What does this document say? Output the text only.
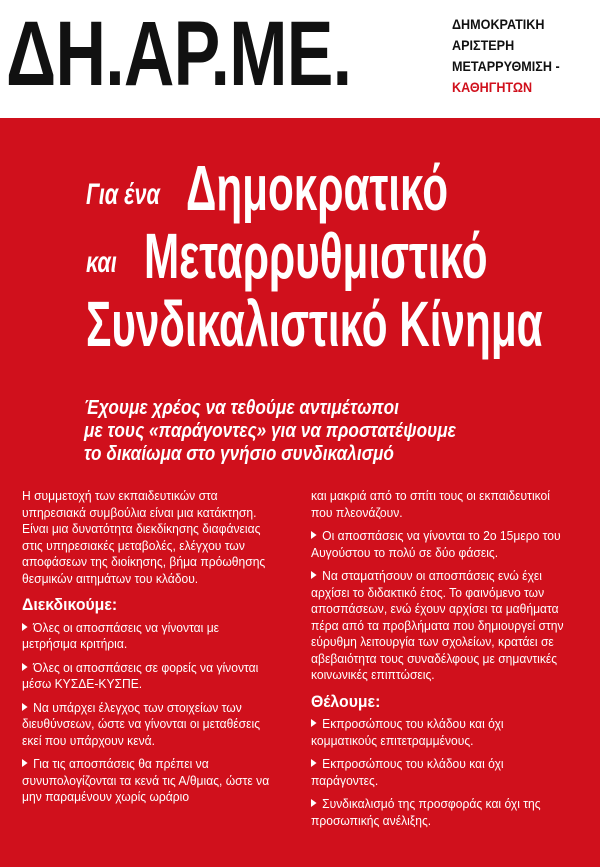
ΔΗ.ΑΡ.ΜΕ.	ΔΗΜΟΚΡΑΤΙΚΗ
ΑΡΙΣΤΕΡΗ
ΜΕΤΑΡΡΥΘΜΙΣΗ -
ΚΑΘΗΓΗΤΩΝ
Για ένα Δημοκρατικό
και Μεταρρυθμιστικό
Συνδικαλιστικό Κίνημα
Έχουμε χρέος να τεθούμε αντιμέτωποι
με τους «παράγοντες» για να προστατέψουμε
το δικαίωμα στο γνήσιο συνδικαλισμό

Η συμμετοχή των εκπαιδευτικών στα υπηρεσιακά συμβούλια είναι μια κατάκτηση. Είναι μια δυνατότητα διεκδίκησης διαφάνειας στις υπηρεσιακές μεταβολές, ελέγχου των αποφάσεων της διοίκησης, βήμα πρόωθησης θεσμικών αιτημάτων του κλάδου.

Διεκδικούμε:

Όλες οι αποσπάσεις να γίνονται με μετρήσιμα κριτήρια.

Όλες οι αποσπάσεις σε φορείς να γίνονται μέσω ΚΥΣΔΕ-ΚΥΣΠΕ.

Να υπάρχει έλεγχος των στοιχείων των διευθύνσεων, ώστε να γίνονται οι μεταθέσεις εκεί που υπάρχουν κενά.

Για τις αποσπάσεις θα πρέπει να συνυπολογίζονται τα κενά τις Α/θμιας, ώστε να μην παραμένουν χωρίς ωράριο

και μακριά από το σπίτι τους οι εκπαιδευτικοί που πλεονάζουν.

Οι αποσπάσεις να γίνονται το 2ο 15μερο του Αυγούστου το πολύ σε δύο φάσεις.

Να σταματήσουν οι αποσπάσεις ενώ έχει αρχίσει το διδακτικό έτος. Το φαινόμενο των αποσπάσεων, ενώ έχουν αρχίσει τα μαθήματα πέρα από τα προβλήματα που δημιουργεί στην εύρυθμη λειτουργία των σχολείων, κρατάει σε αβεβαιότητα τους συναδέλφους με σημαντικές κοινωνικές επιπτώσεις.

Θέλουμε:

Εκπροσώπους του κλάδου και όχι κομματικούς επιτετραμμένους.

Εκπροσώπους του κλάδου και όχι παράγοντες.

Συνδικαλισμό της προσφοράς και όχι της προσωπικής ανέλιξης.
